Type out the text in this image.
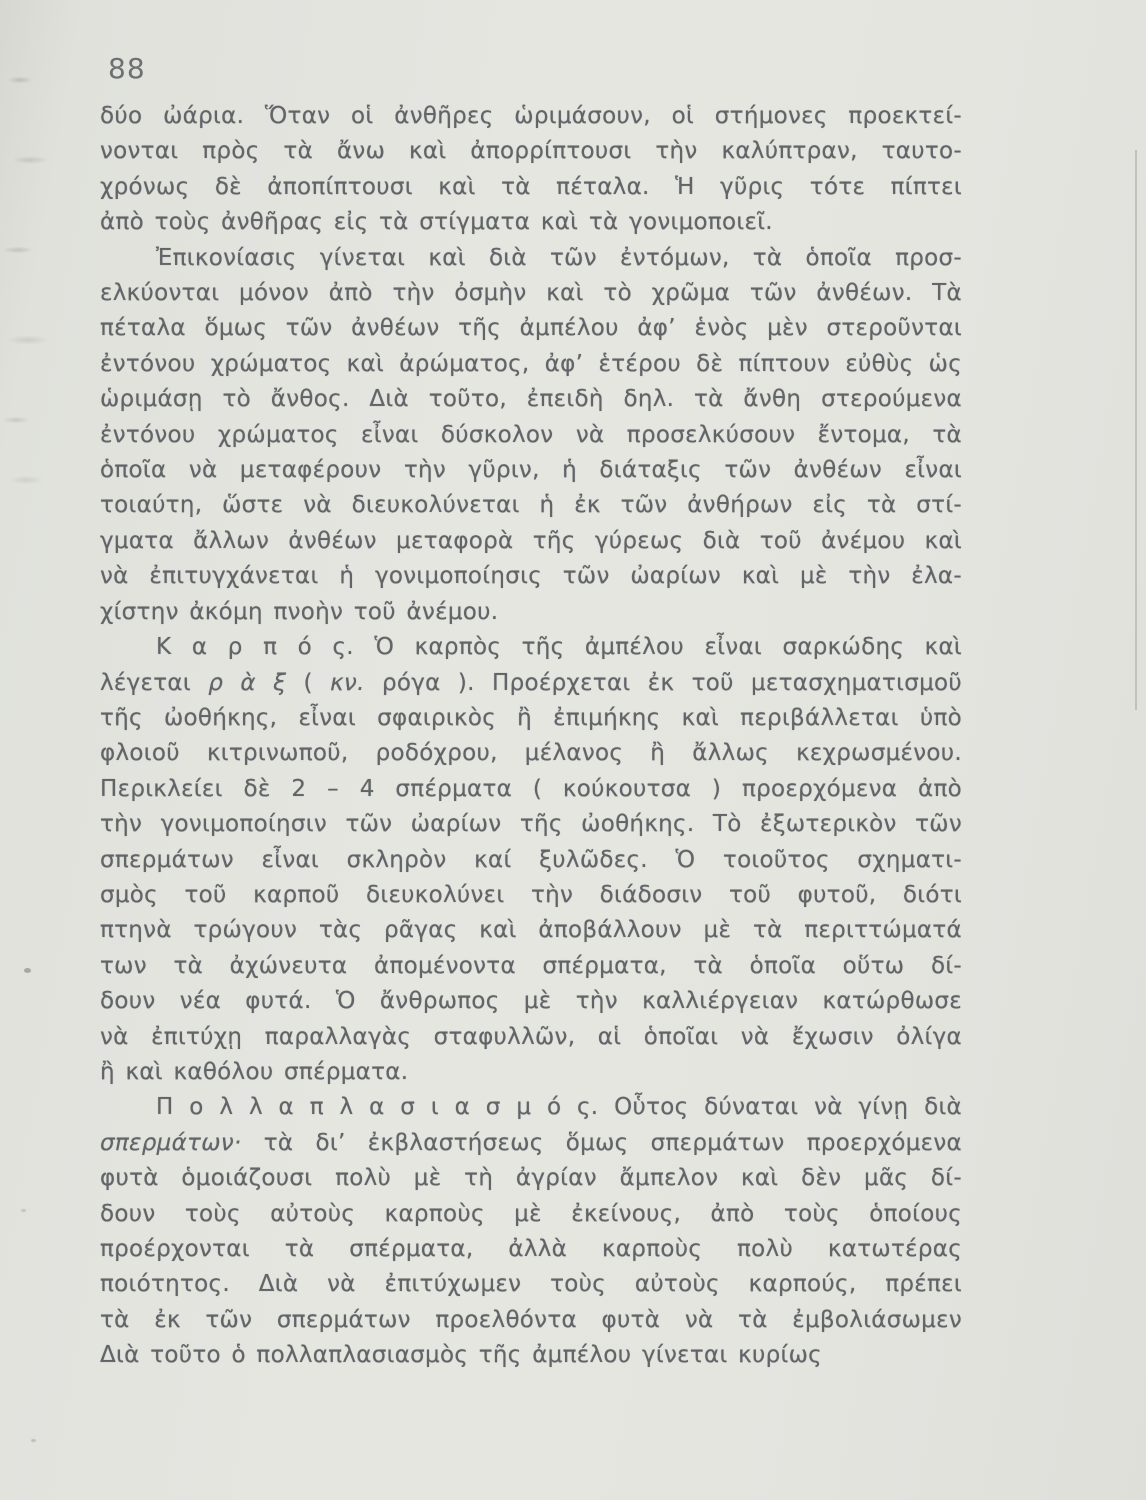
88
δύο ὠάρια. Ὅταν οἱ ἀνθῆρες ὡριμάσουν, οἱ στήμονες προεκτεί-
νονται πρὸς τὰ ἄνω καὶ ἀπορρίπτουσι τὴν καλύπτραν, ταυτο-
χρόνως δὲ ἀποπίπτουσι καὶ τὰ πέταλα. Ἡ γῦρις τότε πίπτει
ἀπὸ τοὺς ἀνθῆρας εἰς τὰ στίγματα καὶ τὰ γονιμοποιεῖ.
Ἐπικονίασις γίνεται καὶ διὰ τῶν ἐντόμων, τὰ ὁποῖα προσ-
ελκύονται μόνον ἀπὸ τὴν ὀσμὴν καὶ τὸ χρῶμα τῶν ἀνθέων. Τὰ
πέταλα ὅμως τῶν ἀνθέων τῆς ἀμπέλου ἀφ’ ἑνὸς μὲν στεροῦνται
ἐντόνου χρώματος καὶ ἀρώματος, ἀφ’ ἑτέρου δὲ πίπτουν εὐθὺς ὡς
ὡριμάσῃ τὸ ἄνθος. Διὰ τοῦτο, ἐπειδὴ δηλ. τὰ ἄνθη στερούμενα
ἐντόνου χρώματος εἶναι δύσκολον νὰ προσελκύσουν ἔντομα, τὰ
ὁποῖα νὰ μεταφέρουν τὴν γῦριν, ἡ διάταξις τῶν ἀνθέων εἶναι
τοιαύτη, ὥστε νὰ διευκολύνεται ἡ ἐκ τῶν ἀνθήρων εἰς τὰ στί-
γματα ἄλλων ἀνθέων μεταφορὰ τῆς γύρεως διὰ τοῦ ἀνέμου καὶ
νὰ ἐπιτυγχάνεται ἡ γονιμοποίησις τῶν ὠαρίων καὶ μὲ τὴν ἐλα-
χίστην ἀκόμη πνοὴν τοῦ ἀνέμου.
Κ α ρ π ό ς. Ὁ καρπὸς τῆς ἀμπέλου εἶναι σαρκώδης καὶ
λέγεται ρ ὰ ξ ( κν. ρόγα ). Προέρχεται ἐκ τοῦ μετασχηματισμοῦ
τῆς ὠοθήκης, εἶναι σφαιρικὸς ἢ ἐπιμήκης καὶ περιβάλλεται ὑπὸ
φλοιοῦ κιτρινωποῦ, ροδόχρου, μέλανος ἢ ἄλλως κεχρωσμένου.
Περικλείει δὲ 2 – 4 σπέρματα ( κούκουτσα ) προερχόμενα ἀπὸ
τὴν γονιμοποίησιν τῶν ὠαρίων τῆς ὠοθήκης. Τὸ ἐξωτερικὸν τῶν
σπερμάτων εἶναι σκληρὸν καί ξυλῶδες. Ὁ τοιοῦτος σχηματι-
σμὸς τοῦ καρποῦ διευκολύνει τὴν διάδοσιν τοῦ φυτοῦ, διότι
πτηνὰ τρώγουν τὰς ρᾶγας καὶ ἀποβάλλουν μὲ τὰ περιττώματά
των τὰ ἀχώνευτα ἀπομένοντα σπέρματα, τὰ ὁποῖα οὕτω δί-
δουν νέα φυτά. Ὁ ἄνθρωπος μὲ τὴν καλλιέργειαν κατώρθωσε
νὰ ἐπιτύχῃ παραλλαγὰς σταφυλλῶν, αἱ ὁποῖαι νὰ ἔχωσιν ὀλίγα
ἢ καὶ καθόλου σπέρματα.
Π ο λ λ α π λ α σ ι α σ μ ό ς. Οὗτος δύναται νὰ γίνῃ διὰ
σπερμάτων· τὰ δι’ ἐκβλαστήσεως ὅμως σπερμάτων προερχόμενα
φυτὰ ὁμοιάζουσι πολὺ μὲ τὴ ἀγρίαν ἄμπελον καὶ δὲν μᾶς δί-
δουν τοὺς αὐτοὺς καρποὺς μὲ ἐκείνους, ἀπὸ τοὺς ὁποίους
προέρχονται τὰ σπέρματα, ἀλλὰ καρποὺς πολὺ κατωτέρας
ποιότητος. Διὰ νὰ ἐπιτύχωμεν τοὺς αὐτοὺς καρπούς, πρέπει
τὰ ἐκ τῶν σπερμάτων προελθόντα φυτὰ νὰ τὰ ἐμβολιάσωμεν
Διὰ τοῦτο ὁ πολλαπλασιασμὸς τῆς ἀμπέλου γίνεται κυρίως
